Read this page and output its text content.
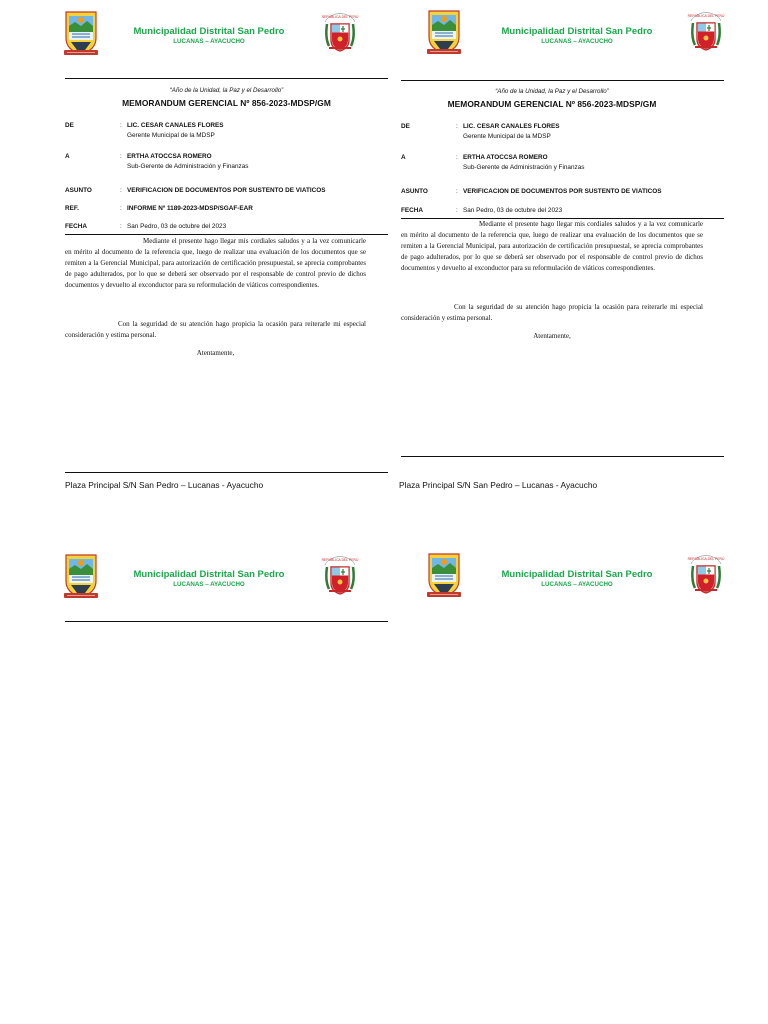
Municipalidad Distrital San Pedro
LUCANAS – AYACUCHO
“Año de la Unidad, la Paz y el Desarrollo”
MEMORANDUM GERENCIAL Nº 856-2023-MDSP/GM
DE	: LIC. CESAR CANALES FLORES
Gerente Municipal de la MDSP
A	: ERTHA ATOCCSA ROMERO
Sub-Gerente de Administración y Finanzas
ASUNTO	: VERIFICACION DE DOCUMENTOS POR SUSTENTO DE VIATICOS
REF.	: INFORME Nº 1189-2023-MDSP/SGAF-EAR
FECHA	: San Pedro, 03 de octubre del 2023
Mediante el presente hago llegar mis cordiales saludos y a la vez comunicarle en mérito al documento de la referencia que, luego de realizar una evaluación de los documentos que se remiten a la Gerencial Municipal, para autorización de certificación presupuestal, se aprecia comprobantes de pago adulterados, por lo que se deberá ser observado por el responsable de control previo de dichos documentos y devuelto al exconductor para su reformulación de viáticos correspondientes.
Con la seguridad de su atención hago propicia la ocasión para reiterarle mi especial consideración y estima personal.
Atentamente,
Plaza Principal S/N San Pedro – Lucanas - Ayacucho
Municipalidad Distrital San Pedro
LUCANAS – AYACUCHO
“Año de la Unidad, la Paz y el Desarrollo”
MEMORANDUM GERENCIAL Nº 856-2023-MDSP/GM
DE	: LIC. CESAR CANALES FLORES
Gerente Municipal de la MDSP
A	: ERTHA ATOCCSA ROMERO
Sub-Gerente de Administración y Finanzas
ASUNTO	: VERIFICACION DE DOCUMENTOS POR SUSTENTO DE VIATICOS
FECHA	: San Pedro, 03 de octubre del 2023
Mediante el presente hago llegar mis cordiales saludos y a la vez comunicarle en mérito al documento de la referencia que, luego de realizar una evaluación de los documentos que se remiten a la Gerencial Municipal, para autorización de certificación presupuestal, se aprecia comprobantes de pago adulterados, por lo que se deberá ser observado por el responsable de control previo de dichos documentos y devuelto al exconductor para su reformulación de viáticos correspondientes.
Con la seguridad de su atención hago propicia la ocasión para reiterarle mi especial consideración y estima personal.
Atentamente,
Plaza Principal S/N San Pedro – Lucanas - Ayacucho
Municipalidad Distrital San Pedro
LUCANAS – AYACUCHO
Municipalidad Distrital San Pedro
LUCANAS – AYACUCHO
